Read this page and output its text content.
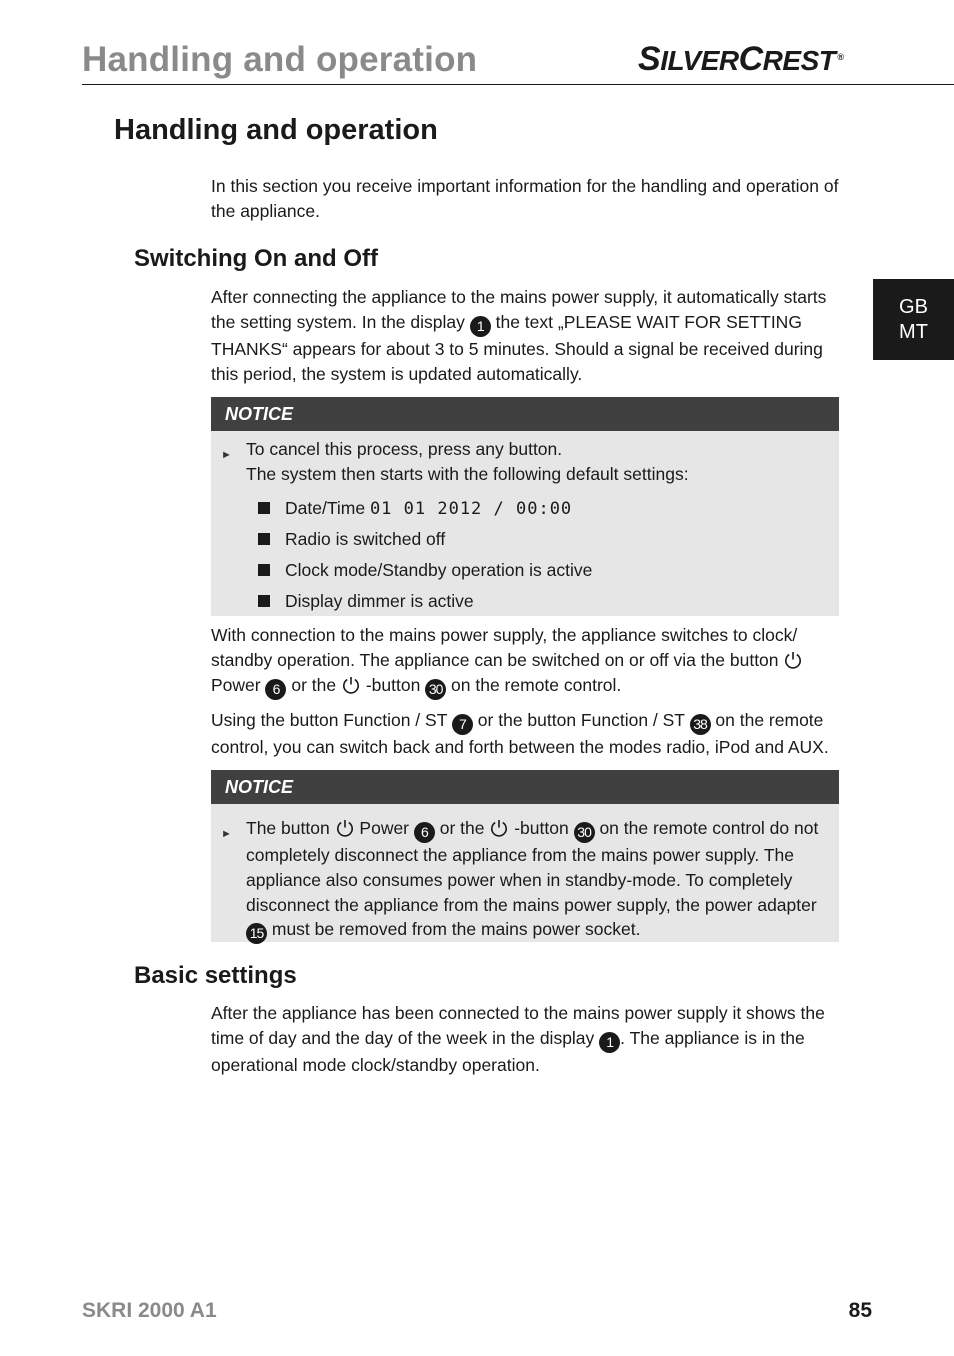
Handling and operation	SILVERCREST ®
GB
MT
Handling and operation

In this section you receive important information for the handling and operation of the appliance.

Switching On and Off

After connecting the appliance to the mains power supply, it automatically starts the setting system. In the display 1 the text „PLEASE WAIT FOR SETTING THANKS“ appears for about 3 to 5 minutes. Should a signal be received during this period, the system is updated automatically.

NOTICE
► To cancel this process, press any button.
The system then starts with the following default settings:
Date/Time 01 01 2012 / 00:00
Radio is switched off
Clock mode/Standby operation is active
Display dimmer is active

With connection to the mains power supply, the appliance switches to clock/ standby operation. The appliance can be switched on or off via the button  Power 6 or the  -button 30 on the remote control.

Using the button Function / ST 7 or the button Function / ST 38 on the remote control, you can switch back and forth between the modes radio, iPod and AUX.

NOTICE
► The button  Power 6 or the  -button 30 on the remote control do not completely disconnect the appliance from the mains power supply. The appliance also consumes power when in standby-mode. To completely disconnect the appliance from the mains power supply, the power adapter 15 must be removed from the mains power socket.
Basic settings

After the appliance has been connected to the mains power supply it shows the time of day and the day of the week in the display 1 . The appliance is in the operational mode clock/standby operation.

SKRI 2000 A1	85
